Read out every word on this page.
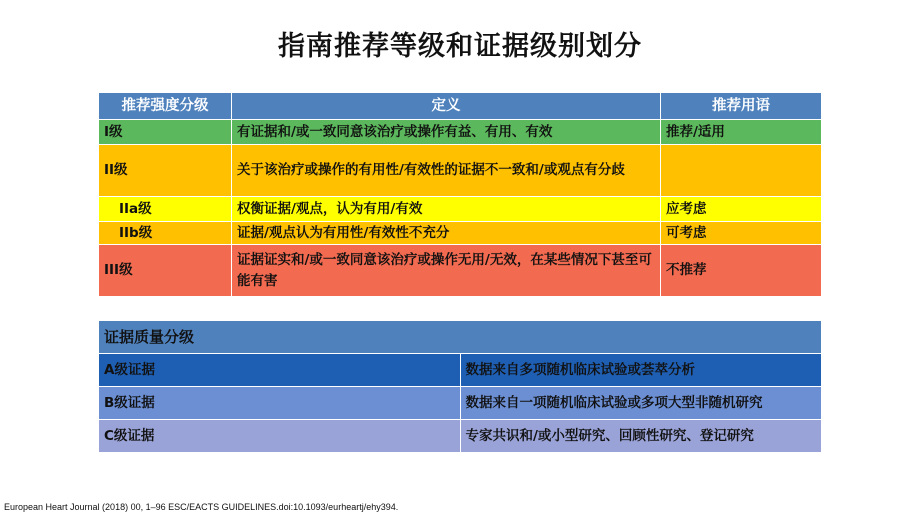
指南推荐等级和证据级别划分
推荐强度分级	定义	推荐用语
I级	有证据和/或一致同意该治疗或操作有益、有用、有效	推荐/适用
II级	关于该治疗或操作的有用性/有效性的证据不一致和/或观点有分歧	
IIa级	权衡证据/观点，认为有用/有效	应考虑
IIb级	证据/观点认为有用性/有效性不充分	可考虑
III级	证据证实和/或一致同意该治疗或操作无用/无效，在某些情况下甚至可能有害	不推荐
证据质量分级	
A级证据	数据来自多项随机临床试验或荟萃分析
B级证据	数据来自一项随机临床试验或多项大型非随机研究
C级证据	专家共识和/或小型研究、回顾性研究、登记研究
European Heart Journal (2018) 00, 1–96 ESC/EACTS GUIDELINES.doi:10.1093/eurheartj/ehy394.
